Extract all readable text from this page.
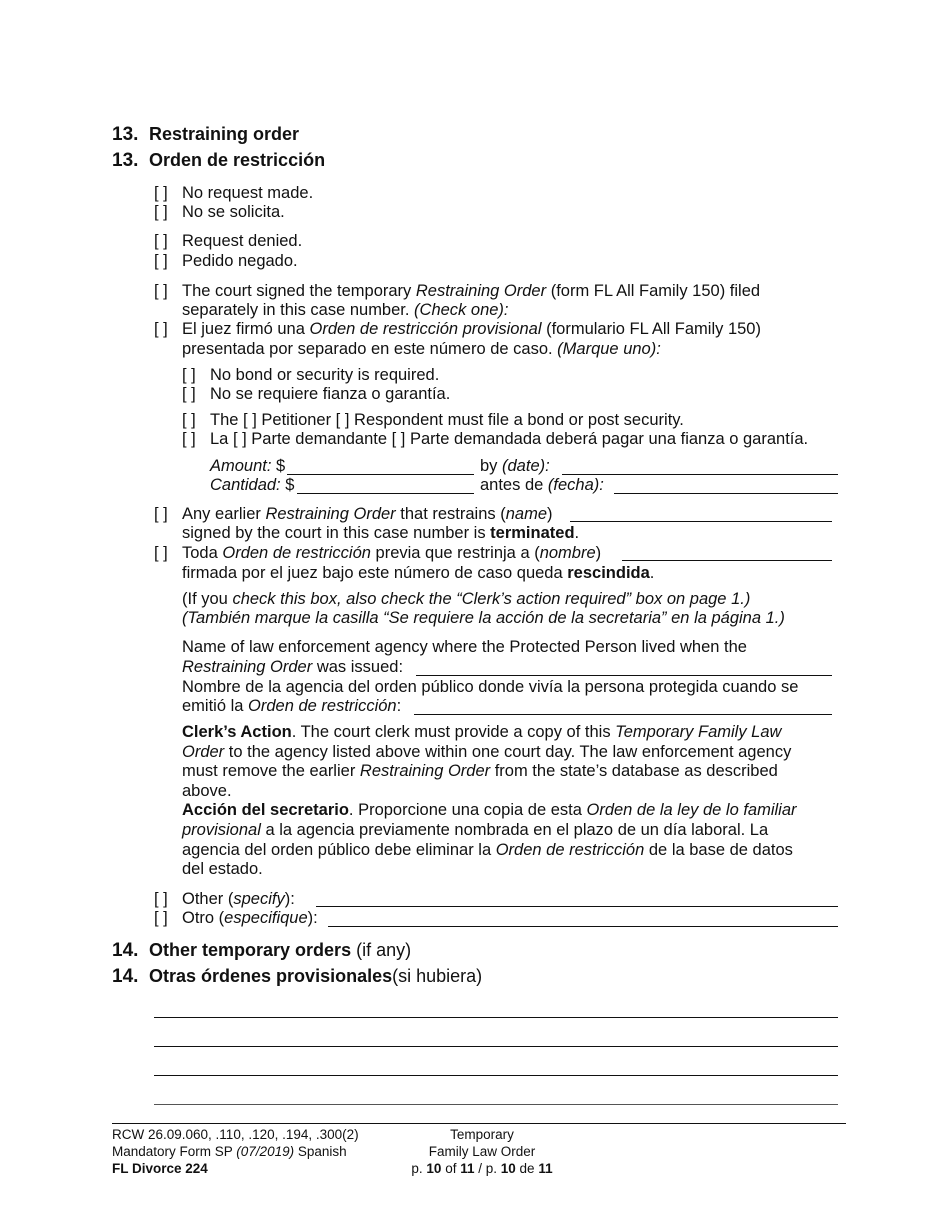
13. Restraining order
13. Orden de restricción
[ ] No request made.
[ ] No se solicita.
[ ] Request denied.
[ ] Pedido negado.
[ ] The court signed the temporary Restraining Order (form FL All Family 150) filed
separately in this case number. (Check one):
[ ] El juez firmó una Orden de restricción provisional (formulario FL All Family 150)
presentada por separado en este número de caso. (Marque uno):
[ ] No bond or security is required.
[ ] No se requiere fianza o garantía.
[ ] The [ ] Petitioner [ ] Respondent must file a bond or post security.
[ ] La [ ] Parte demandante [ ] Parte demandada deberá pagar una fianza o garantía.
Amount: $	by (date):
Cantidad: $	antes de (fecha):
[ ] Any earlier Restraining Order that restrains (name)
signed by the court in this case number is terminated.
[ ] Toda Orden de restricción previa que restrinja a (nombre)
firmada por el juez bajo este número de caso queda rescindida.
(If you check this box, also check the “Clerk’s action required” box on page 1.)
(También marque la casilla “Se requiere la acción de la secretaria” en la página 1.)
Name of law enforcement agency where the Protected Person lived when the
Restraining Order was issued:
Nombre de la agencia del orden público donde vivía la persona protegida cuando se
emitió la Orden de restricción:
Clerk’s Action. The court clerk must provide a copy of this Temporary Family Law
Order to the agency listed above within one court day. The law enforcement agency
must remove the earlier Restraining Order from the state’s database as described
above.
Acción del secretario. Proporcione una copia de esta Orden de la ley de lo familiar
provisional a la agencia previamente nombrada en el plazo de un día laboral. La
agencia del orden público debe eliminar la Orden de restricción de la base de datos
del estado.
[ ] Other (specify):
[ ] Otro (especifique):
14. Other temporary orders (if any)
14. Otras órdenes provisionales(si hubiera)
RCW 26.09.060, .110, .120, .194, .300(2)
Mandatory Form SP (07/2019) Spanish
FL Divorce 224
Temporary
Family Law Order
p. 10 of 11 / p. 10 de 11
